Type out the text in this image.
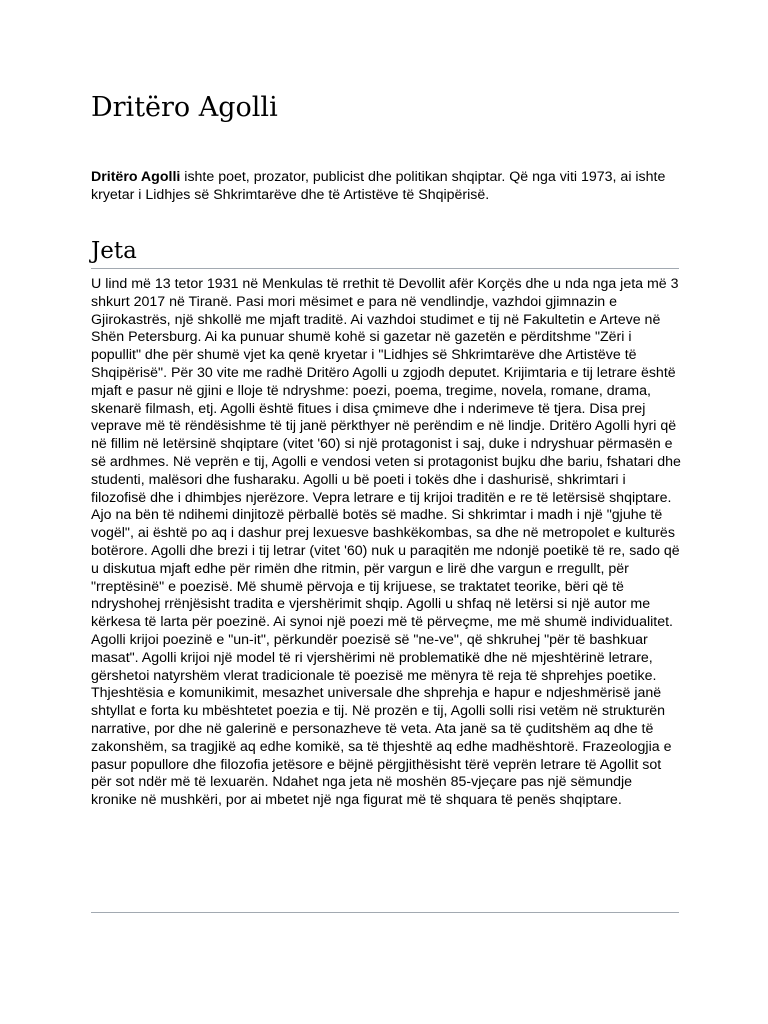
Dritëro Agolli

Dritëro Agolli ishte poet, prozator, publicist dhe politikan shqiptar. Që nga viti 1973, ai ishte kryetar i Lidhjes së Shkrimtarëve dhe të Artistëve të Shqipërisë.

Jeta

U lind më 13 tetor 1931 në Menkulas të rrethit të Devollit afër Korçës dhe u nda nga jeta më 3 shkurt 2017 në Tiranë. Pasi mori mësimet e para në vendlindje, vazhdoi gjimnazin e Gjirokastrës, një shkollë me mjaft traditë. Ai vazhdoi studimet e tij në Fakultetin e Arteve në Shën Petersburg. Ai ka punuar shumë kohë si gazetar në gazetën e përditshme "Zëri i popullit" dhe për shumë vjet ka qenë kryetar i "Lidhjes së Shkrimtarëve dhe Artistëve të Shqipërisë". Për 30 vite me radhë Dritëro Agolli u zgjodh deputet. Krijimtaria e tij letrare është mjaft e pasur në gjini e lloje të ndryshme: poezi, poema, tregime, novela, romane, drama, skenarë filmash, etj. Agolli është fitues i disa çmimeve dhe i nderimeve të tjera. Disa prej veprave më të rëndësishme të tij janë përkthyer në perëndim e në lindje. Dritëro Agolli hyri që në fillim në letërsinë shqiptare (vitet '60) si një protagonist i saj, duke i ndryshuar përmasën e së ardhmes. Në veprën e tij, Agolli e vendosi veten si protagonist bujku dhe bariu, fshatari dhe studenti, malësori dhe fusharaku. Agolli u bë poeti i tokës dhe i dashurisë, shkrimtari i filozofisë dhe i dhimbjes njerëzore. Vepra letrare e tij krijoi traditën e re të letërsisë shqiptare. Ajo na bën të ndihemi dinjitozë përballë botës së madhe. Si shkrimtar i madh i një "gjuhe të vogël", ai është po aq i dashur prej lexuesve bashkëkombas, sa dhe në metropolet e kulturës botërore. Agolli dhe brezi i tij letrar (vitet '60) nuk u paraqitën me ndonjë poetikë të re, sado që u diskutua mjaft edhe për rimën dhe ritmin, për vargun e lirë dhe vargun e rregullt, për "rreptësinë" e poezisë. Më shumë përvoja e tij krijuese, se traktatet teorike, bëri që të ndryshohej rrënjësisht tradita e vjershërimit shqip. Agolli u shfaq në letërsi si një autor me kërkesa të larta për poezinë. Ai synoi një poezi më të përveçme, me më shumë individualitet. Agolli krijoi poezinë e "un-it", përkundër poezisë së "ne-ve", që shkruhej "për të bashkuar masat". Agolli krijoi një model të ri vjershërimi në problematikë dhe në mjeshtërinë letrare, gërshetoi natyrshëm vlerat tradicionale të poezisë me mënyra të reja të shprehjes poetike. Thjeshtësia e komunikimit, mesazhet universale dhe shprehja e hapur e ndjeshmërisë janë shtyllat e forta ku mbështetet poezia e tij. Në prozën e tij, Agolli solli risi vetëm në strukturën narrative, por dhe në galerinë e personazheve të veta. Ata janë sa të çuditshëm aq dhe të zakonshëm, sa tragjikë aq edhe komikë, sa të thjeshtë aq edhe madhështorë. Frazeologjia e pasur popullore dhe filozofia jetësore e bëjnë përgjithësisht tërë veprën letrare të Agollit sot për sot ndër më të lexuarën. Ndahet nga jeta në moshën 85-vjeçare pas një sëmundje kronike në mushkëri, por ai mbetet një nga figurat më të shquara të penës shqiptare.
